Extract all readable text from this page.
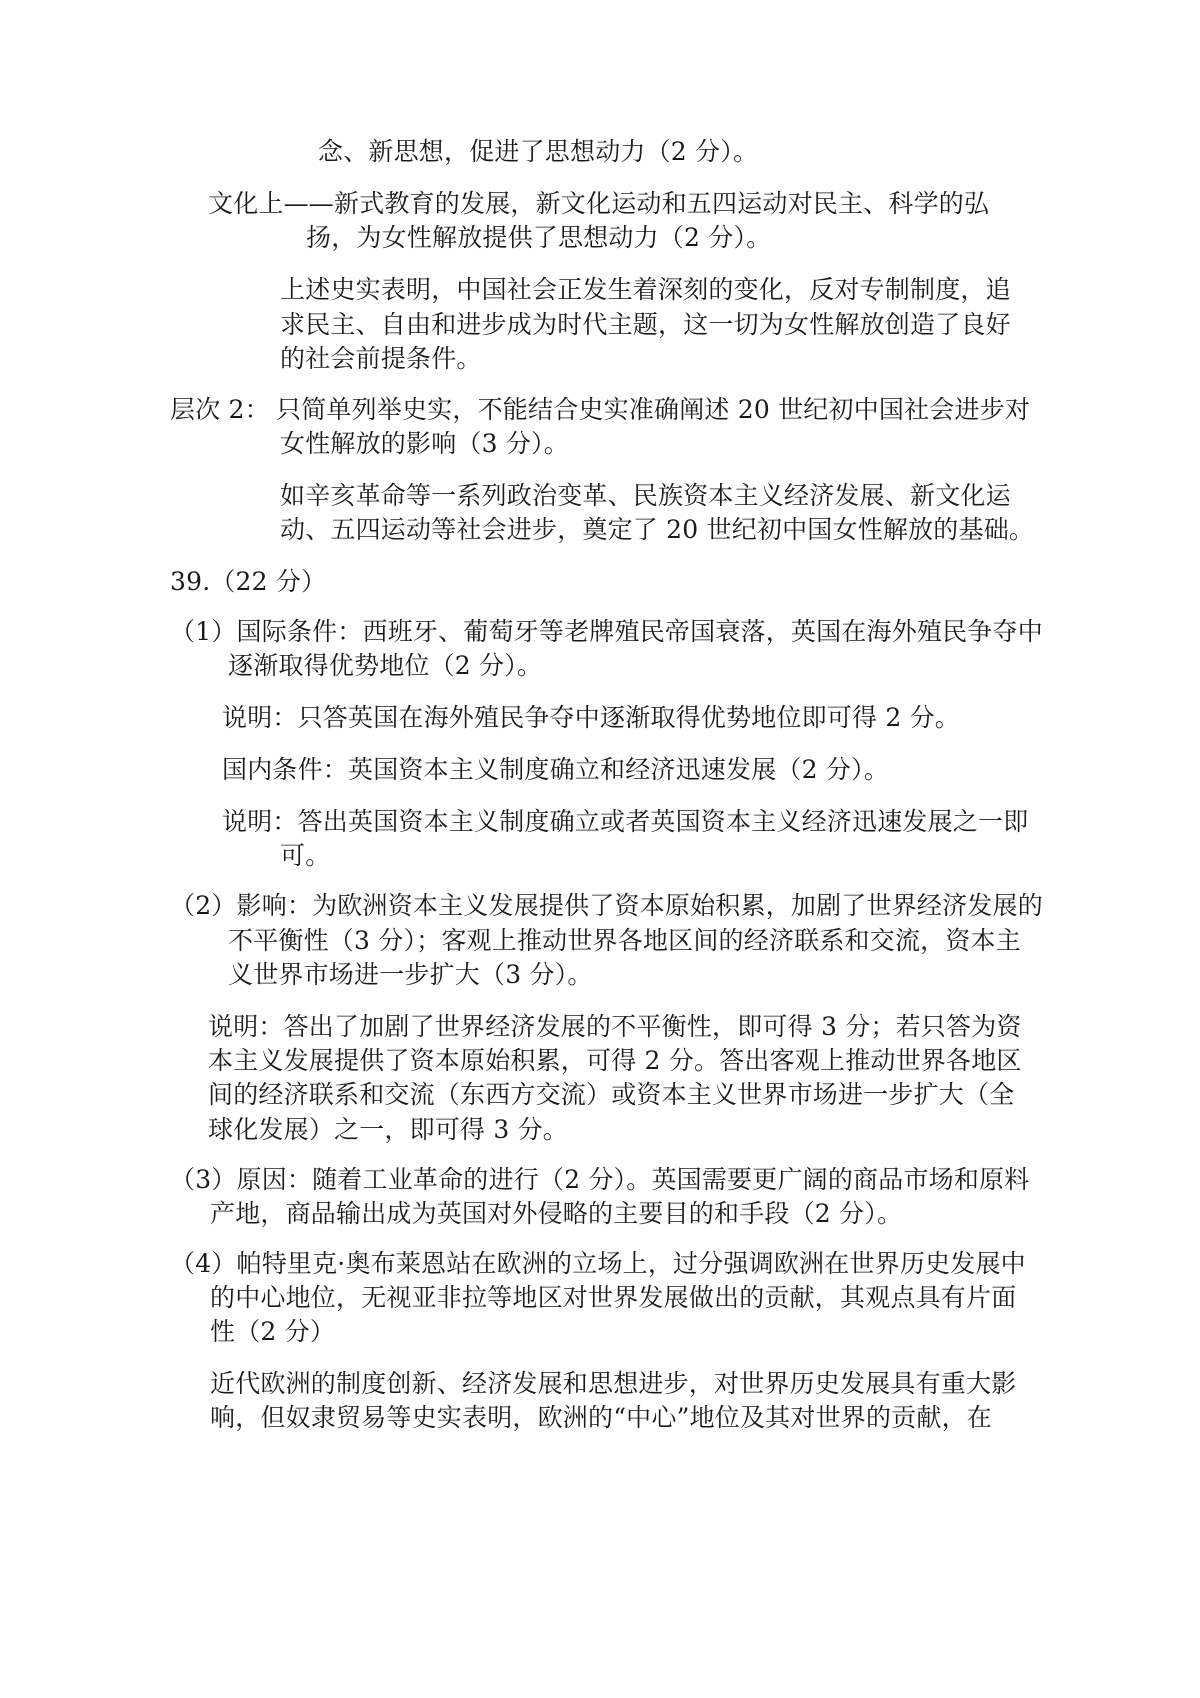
念、新思想，促进了思想动力（2 分）。
文化上——新式教育的发展，新文化运动和五四运动对民主、科学的弘
扬，为女性解放提供了思想动力（2 分）。
上述史实表明，中国社会正发生着深刻的变化，反对专制制度，追
求民主、自由和进步成为时代主题，这一切为女性解放创造了良好
的社会前提条件。
层次 2： 只简单列举史实，不能结合史实准确阐述 20 世纪初中国社会进步对
女性解放的影响（3 分）。
如辛亥革命等一系列政治变革、民族资本主义经济发展、新文化运
动、五四运动等社会进步，奠定了 20 世纪初中国女性解放的基础。
39.（22 分）
（1）国际条件：西班牙、葡萄牙等老牌殖民帝国衰落，英国在海外殖民争夺中
逐渐取得优势地位（2 分）。
说明：只答英国在海外殖民争夺中逐渐取得优势地位即可得 2 分。
国内条件：英国资本主义制度确立和经济迅速发展（2 分）。
说明：答出英国资本主义制度确立或者英国资本主义经济迅速发展之一即
可。
（2）影响：为欧洲资本主义发展提供了资本原始积累，加剧了世界经济发展的
不平衡性（3 分）；客观上推动世界各地区间的经济联系和交流，资本主
义世界市场进一步扩大（3 分）。
说明：答出了加剧了世界经济发展的不平衡性，即可得 3 分；若只答为资
本主义发展提供了资本原始积累，可得 2 分。答出客观上推动世界各地区
间的经济联系和交流（东西方交流）或资本主义世界市场进一步扩大（全
球化发展）之一，即可得 3 分。
（3）原因：随着工业革命的进行（2 分）。英国需要更广阔的商品市场和原料
产地，商品输出成为英国对外侵略的主要目的和手段（2 分）。
（4）帕特里克·奥布莱恩站在欧洲的立场上，过分强调欧洲在世界历史发展中
的中心地位，无视亚非拉等地区对世界发展做出的贡献，其观点具有片面
性（2 分）
近代欧洲的制度创新、经济发展和思想进步，对世界历史发展具有重大影
响，但奴隶贸易等史实表明，欧洲的“中心”地位及其对世界的贡献，在
